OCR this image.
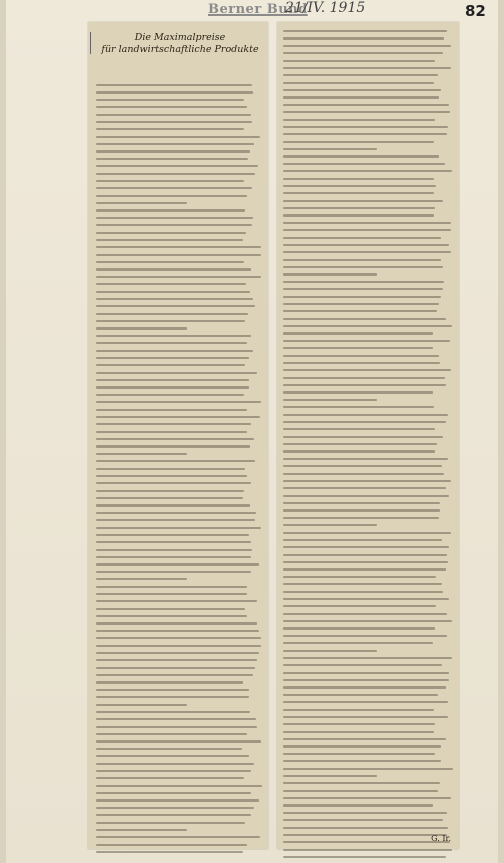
Berner Bund
21/IV. 1915	82
Die Maximalpreise
für landwirtschaftliche Produkte
G. Ir.
